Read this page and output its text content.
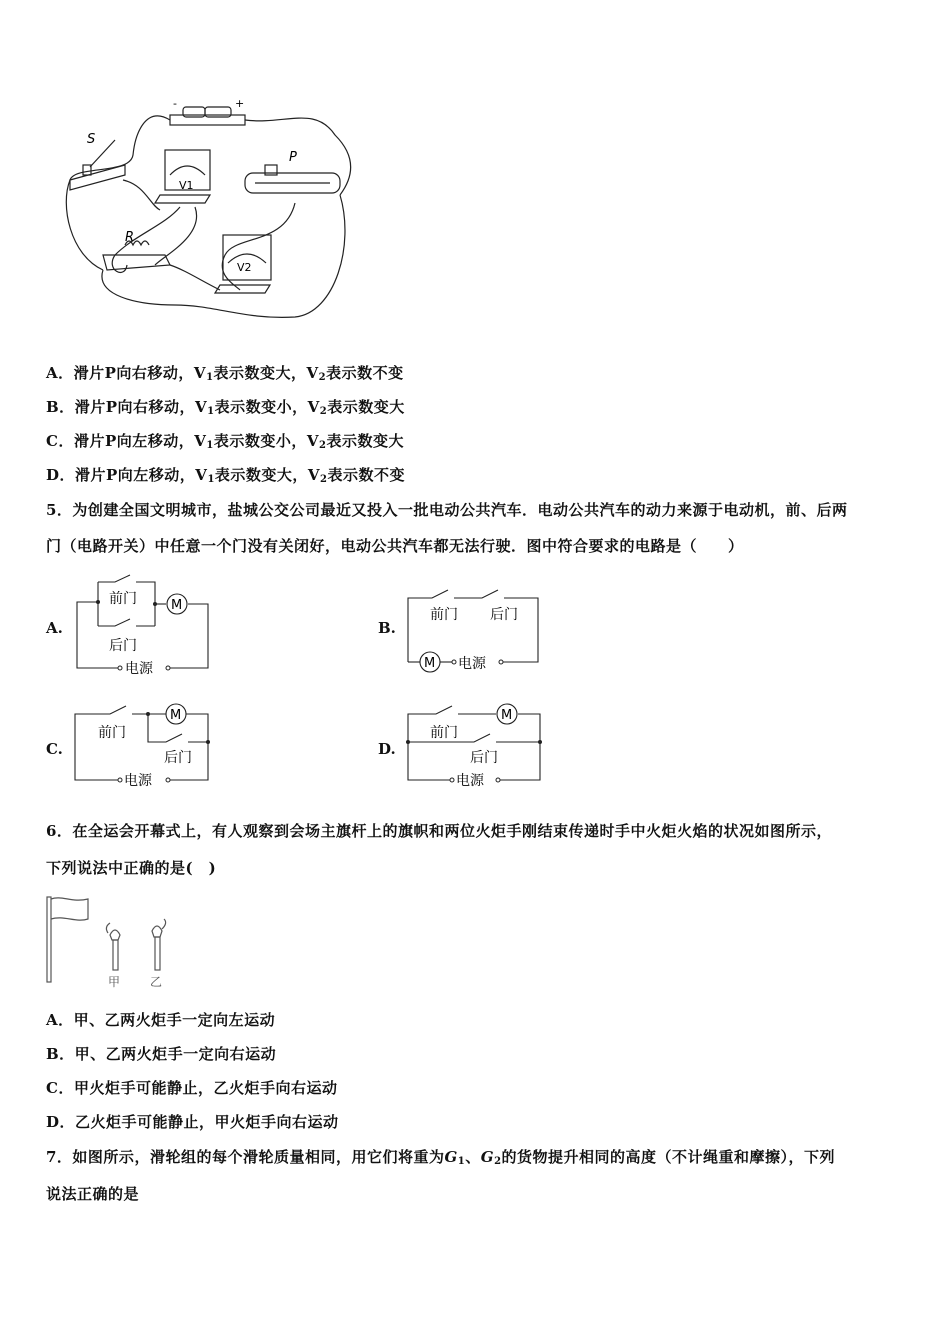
-	+
S
P
R
V1
V2
A．滑片P向右移动，$V_1$表示数变大，$V_2$表示数不变
B．滑片P向右移动，$V_1$表示数变小，$V_2$表示数变大
C．滑片P向左移动，$V_1$表示数变小，$V_2$表示数变大
D．滑片P向左移动，$V_1$表示数变大，$V_2$表示数不变
5．为创建全国文明城市，盐城公交公司最近又投入一批电动公共汽车．电动公共汽车的动力来源于电动机，前、后两
门（电路开关）中任意一个门没有关闭好，电动公共汽车都无法行驶．图中符合要求的电路是（　　）
A.
前门
后门
M
电源
B.
前门 后门
M 电源
C.
前门
后门
M
电源
D.
前门
后门
M
电源
6．在全运会开幕式上，有人观察到会场主旗杆上的旗帜和两位火炬手刚结束传递时手中火炬火焰的状况如图所示，
下列说法中正确的是(　)
甲 乙
A．甲、乙两火炬手一定向左运动
B．甲、乙两火炬手一定向右运动
C．甲火炬手可能静止，乙火炬手向右运动
D．乙火炬手可能静止，甲火炬手向右运动
7．如图所示，滑轮组的每个滑轮质量相同，用它们将重为$G_1$、$G_2$的货物提升相同的高度（不计绳重和摩擦），下列
说法正确的是
